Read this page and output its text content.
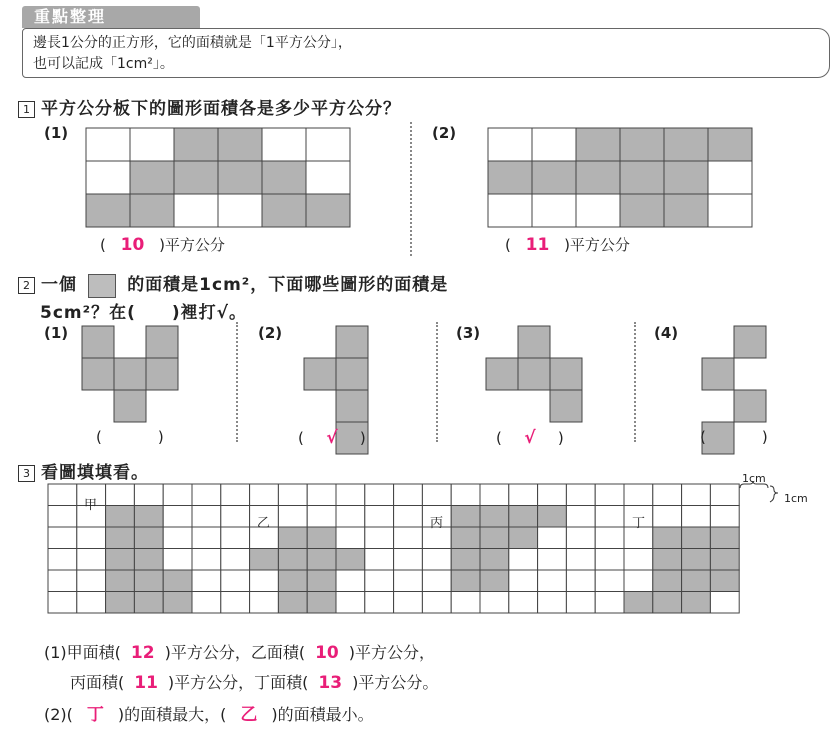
重點整理
邊長1公分的正方形，它的面積就是「1平方公分」，
也可以記成「1cm²」。
1 平方公分板下的圖形面積各是多少平方公分？
(1)	(2)
( 10 )平方公分	( 11 )平方公分
2 一個	的面積是1cm²，下面哪些圖形的面積是
5cm²？在(　　)裡打√。
(1)	(2)	(3)	(4)
(	)	( √ )	( √ )	(	)
3 看圖填填看。	1cm
1cm
甲
乙	丙	丁
(1)甲面積( 12 )平方公分，乙面積( 10 )平方公分，
丙面積( 11 )平方公分，丁面積( 13 )平方公分。
(2)( 丁 )的面積最大，( 乙 )的面積最小。
